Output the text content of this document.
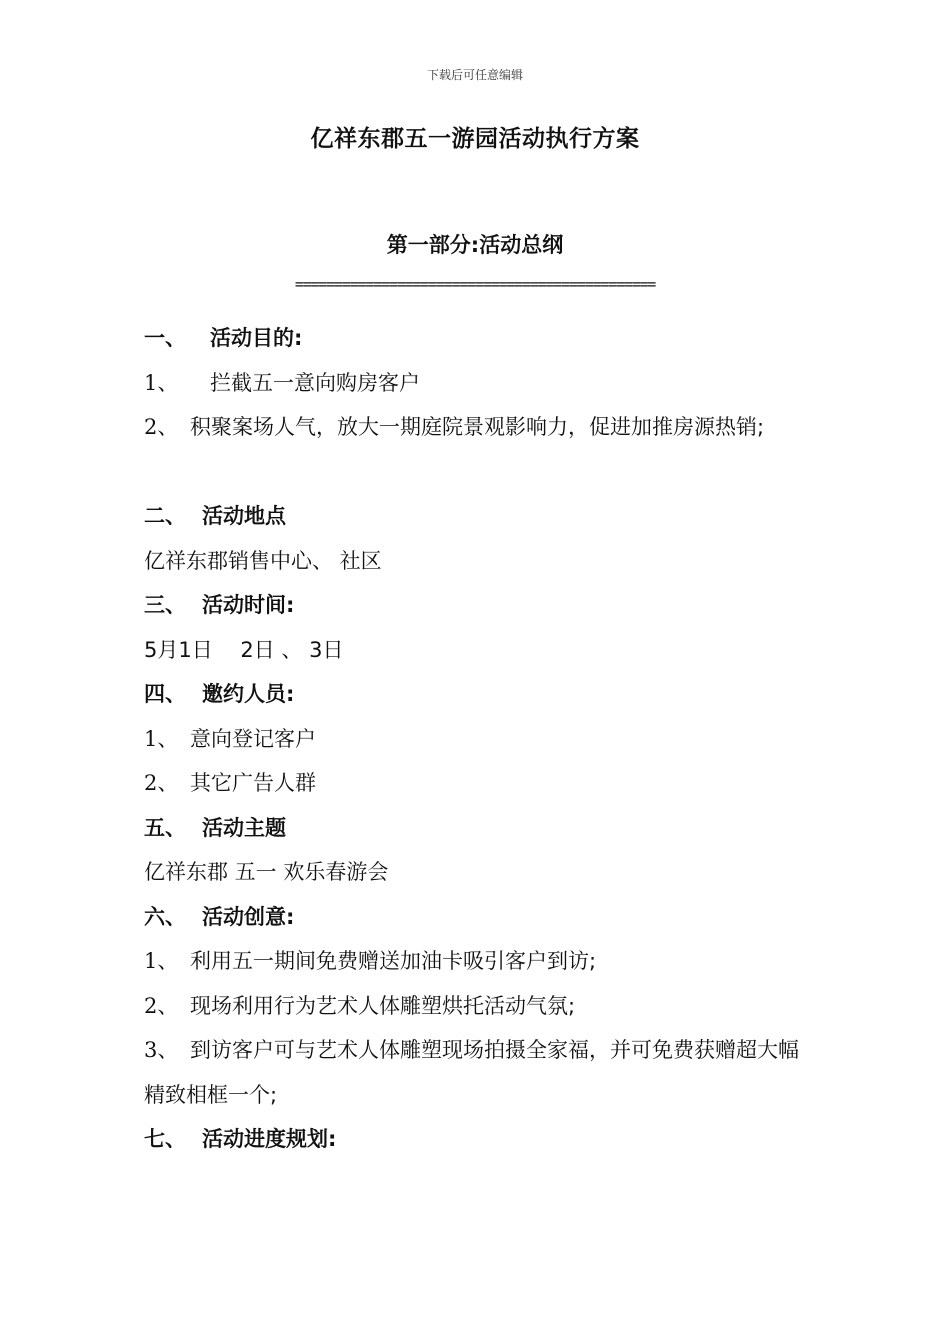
下载后可任意编辑
亿祥东郡五一游园活动执行方案
第一部分:活动总纲
==============================================
一、 活动目的:
1、 拦截五一意向购房客户
2、 积聚案场人气，放大一期庭院景观影响力，促进加推房源热销;
二、 活动地点
亿祥东郡销售中心、 社区
三、 活动时间:
5月1日　 2日 、 3日
四、 邀约人员:
1、 意向登记客户
2、 其它广告人群
五、 活动主题
亿祥东郡 五一 欢乐春游会
六、 活动创意:
1、 利用五一期间免费赠送加油卡吸引客户到访;
2、 现场利用行为艺术人体雕塑烘托活动气氛;
3、 到访客户可与艺术人体雕塑现场拍摄全家福，并可免费获赠超大幅精致相框一个;
七、 活动进度规划:
